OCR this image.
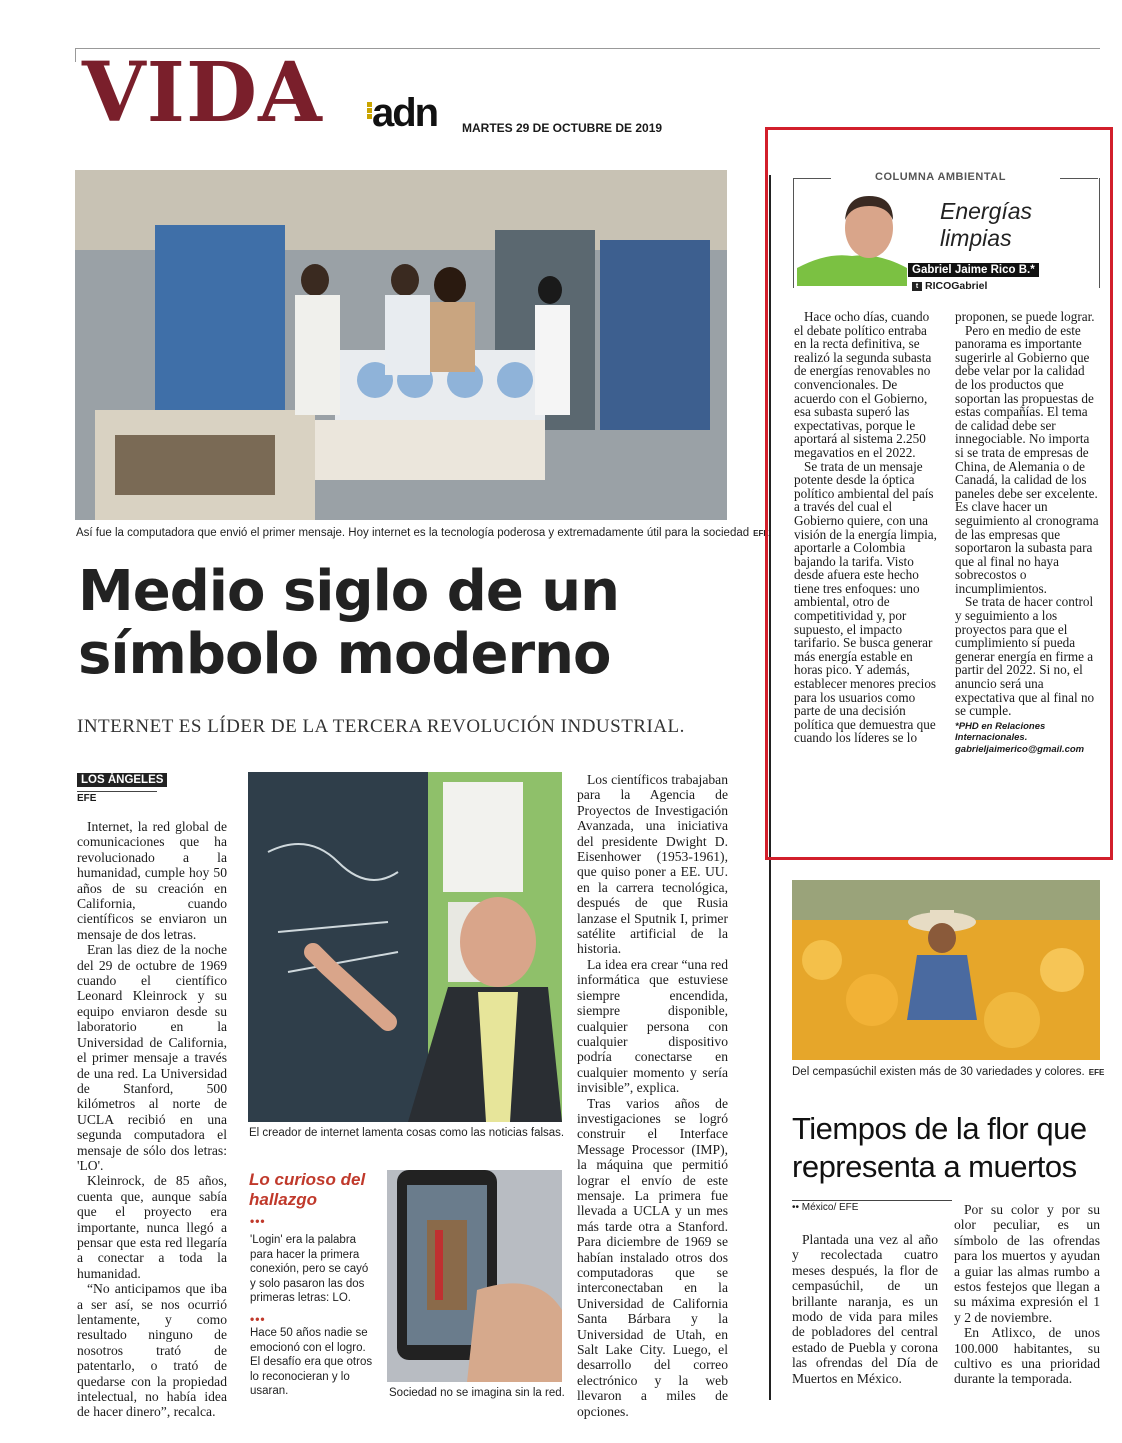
VIDA adn MARTES 29 DE OCTUBRE DE 2019
Así fue la computadora que envió el primer mensaje. Hoy internet es la tecnología poderosa y extremadamente útil para la sociedad EFE
Medio siglo de un
símbolo moderno
INTERNET ES LÍDER DE LA TERCERA REVOLUCIÓN INDUSTRIAL.
LOS ÁNGELES
EFE

Internet, la red global de comunicaciones que ha revolucionado a la humanidad, cumple hoy 50 años de su creación en California, cuando científicos se enviaron un mensaje de dos letras.

Eran las diez de la noche del 29 de octubre de 1969 cuando el científico Leonard Kleinrock y su equipo enviaron desde su laboratorio en la Universidad de California, el primer mensaje a través de una red. La Universidad de Stanford, 500 kilómetros al norte de UCLA recibió en una segunda computadora el mensaje de sólo dos letras: 'LO'.

Kleinrock, de 85 años, cuenta que, aunque sabía que el proyecto era importante, nunca llegó a pensar que esta red llegaría a conectar a toda la humanidad.

“No anticipamos que iba a ser así, se nos ocurrió lentamente, y como resultado ninguno de nosotros trató de patentarlo, o trató de quedarse con la propiedad intelectual, no había idea de hacer dinero”, recalca.

El creador de internet lamenta cosas como las noticias falsas.
Lo curioso del hallazgo
•••
'Login' era la palabra para hacer la primera conexión, pero se cayó y solo pasaron las dos primeras letras: LO.
•••
Hace 50 años nadie se emocionó con el logro. El desafío era que otros lo reconocieran y lo usaran.	Sociedad no se imagina sin la red.

Los científicos trabajaban para la Agencia de Proyectos de Investigación Avanzada, una iniciativa del presidente Dwight D. Eisenhower (1953-1961), que quiso poner a EE. UU. en la carrera tecnológica, después de que Rusia lanzase el Sputnik I, primer satélite artificial de la historia.

La idea era crear “una red informática que estuviese siempre encendida, siempre disponible, cualquier persona con cualquier dispositivo podría conectarse en cualquier momento y sería invisible”, explica.

Tras varios años de investigaciones se logró construir el Interface Message Processor (IMP), la máquina que permitió lograr el envío de este mensaje. La primera fue llevada a UCLA y un mes más tarde otra a Stanford. Para diciembre de 1969 se habían instalado otros dos computadoras que se interconectaban en la Universidad de California Santa Bárbara y la Universidad de Utah, en Salt Lake City. Luego, el desarrollo del correo electrónico y la web llevaron a miles de opciones.

COLUMNA AMBIENTAL
Energías
limpias
Gabriel Jaime Rico B.*
t RICOGabriel

Hace ocho días, cuando el debate político entraba en la recta definitiva, se realizó la segunda subasta de energías renovables no convencionales. De acuerdo con el Gobierno, esa subasta superó las expectativas, porque le aportará al sistema 2.250 megavatios en el 2022.

Se trata de un mensaje potente desde la óptica político ambiental del país a través del cual el Gobierno quiere, con una visión de la energía limpia, aportarle a Colombia bajando la tarifa. Visto desde afuera este hecho tiene tres enfoques: uno ambiental, otro de competitividad y, por supuesto, el impacto tarifario. Se busca generar más energía estable en horas pico. Y además, establecer menores precios para los usuarios como parte de una decisión política que demuestra que cuando los líderes se lo

proponen, se puede lograr.

Pero en medio de este panorama es importante sugerirle al Gobierno que debe velar por la calidad de los productos que soportan las propuestas de estas compañías. El tema de calidad debe ser innegociable. No importa si se trata de empresas de China, de Alemania o de Canadá, la calidad de los paneles debe ser excelente. Es clave hacer un seguimiento al cronograma de las empresas que soportaron la subasta para que al final no haya sobrecostos o incumplimientos.

Se trata de hacer control y seguimiento a los proyectos para que el cumplimiento sí pueda generar energía en firme a partir del 2022. Si no, el anuncio será una expectativa que al final no se cumple.

*PHD en Relaciones Internacionales.
gabrieljaimerico@gmail.com
Del cempasúchil existen más de 30 variedades y colores. EFE
Tiempos de la flor que representa a muertos
•• México/ EFE

Plantada una vez al año y recolectada cuatro meses después, la flor de cempasúchil, de un brillante naranja, es un modo de vida para miles de pobladores del central estado de Puebla y corona las ofrendas del Día de Muertos en México.

Por su color y por su olor peculiar, es un símbolo de las ofrendas para los muertos y ayudan a guiar las almas rumbo a estos festejos que llegan a su máxima expresión el 1 y 2 de noviembre.

En Atlixco, de unos 100.000 habitantes, su cultivo es una prioridad durante la temporada.
